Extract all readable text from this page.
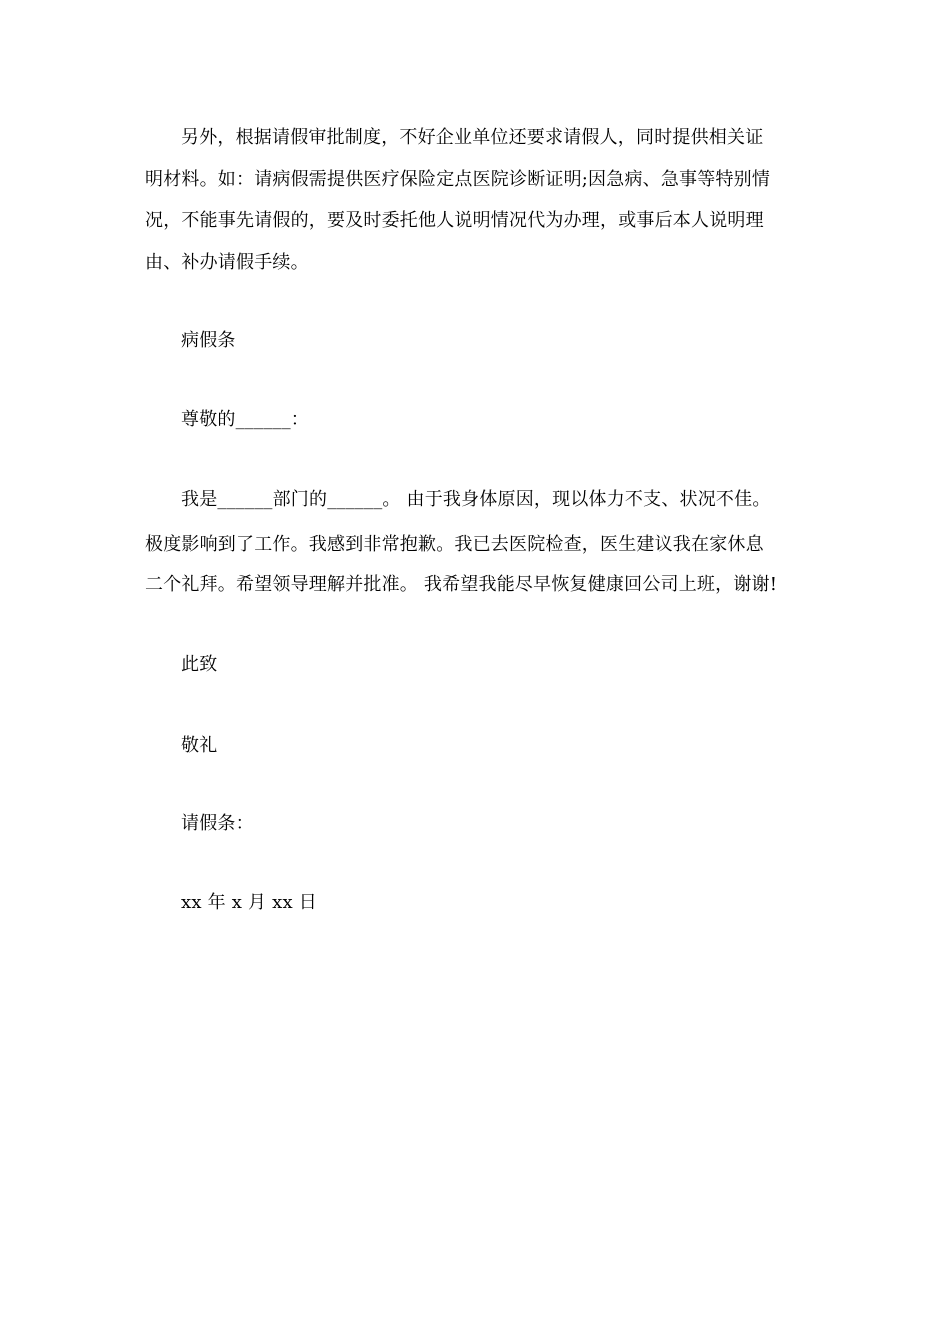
另外，根据请假审批制度，不好企业单位还要求请假人，同时提供相关证
明材料。如：请病假需提供医疗保险定点医院诊断证明;因急病、急事等特别情
况，不能事先请假的，要及时委托他人说明情况代为办理，或事后本人说明理
由、补办请假手续。
病假条
尊敬的______：
我是______部门的______。 由于我身体原因，现以体力不支、状况不佳。
极度影响到了工作。我感到非常抱歉。我已去医院检查，医生建议我在家休息
二个礼拜。希望领导理解并批准。 我希望我能尽早恢复健康回公司上班，谢谢!
此致
敬礼
请假条：
xx 年 x 月 xx 日
